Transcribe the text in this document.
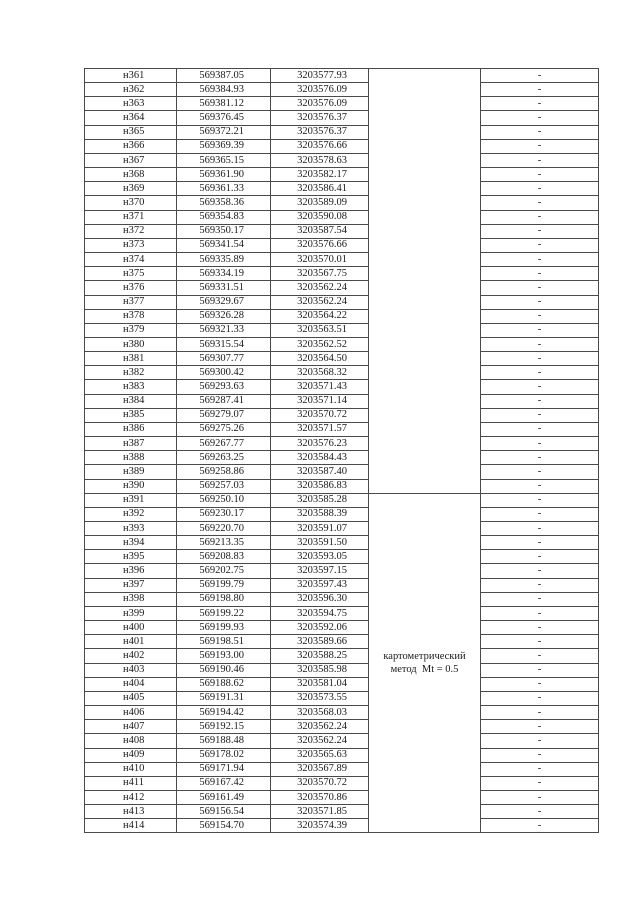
н361	569387.05	3203577.93		-
н362	569384.93	3203576.09		-
н363	569381.12	3203576.09		-
н364	569376.45	3203576.37		-
н365	569372.21	3203576.37		-
н366	569369.39	3203576.66		-
н367	569365.15	3203578.63		-
н368	569361.90	3203582.17		-
н369	569361.33	3203586.41		-
н370	569358.36	3203589.09		-
н371	569354.83	3203590.08		-
н372	569350.17	3203587.54		-
н373	569341.54	3203576.66		-
н374	569335.89	3203570.01		-
н375	569334.19	3203567.75		-
н376	569331.51	3203562.24		-
н377	569329.67	3203562.24		-
н378	569326.28	3203564.22		-
н379	569321.33	3203563.51		-
н380	569315.54	3203562.52		-
н381	569307.77	3203564.50		-
н382	569300.42	3203568.32		-
н383	569293.63	3203571.43		-
н384	569287.41	3203571.14		-
н385	569279.07	3203570.72		-
н386	569275.26	3203571.57		-
н387	569267.77	3203576.23		-
н388	569263.25	3203584.43		-
н389	569258.86	3203587.40		-
н390	569257.03	3203586.83		-
н391	569250.10	3203585.28	картометрический
метод  Mt = 0.5	-
н392	569230.17	3203588.39		-
н393	569220.70	3203591.07		-
н394	569213.35	3203591.50		-
н395	569208.83	3203593.05		-
н396	569202.75	3203597.15		-
н397	569199.79	3203597.43		-
н398	569198.80	3203596.30		-
н399	569199.22	3203594.75		-
н400	569199.93	3203592.06		-
н401	569198.51	3203589.66		-
н402	569193.00	3203588.25		-
н403	569190.46	3203585.98		-
н404	569188.62	3203581.04		-
н405	569191.31	3203573.55		-
н406	569194.42	3203568.03		-
н407	569192.15	3203562.24		-
н408	569188.48	3203562.24		-
н409	569178.02	3203565.63		-
н410	569171.94	3203567.89		-
н411	569167.42	3203570.72		-
н412	569161.49	3203570.86		-
н413	569156.54	3203571.85		-
н414	569154.70	3203574.39		-
